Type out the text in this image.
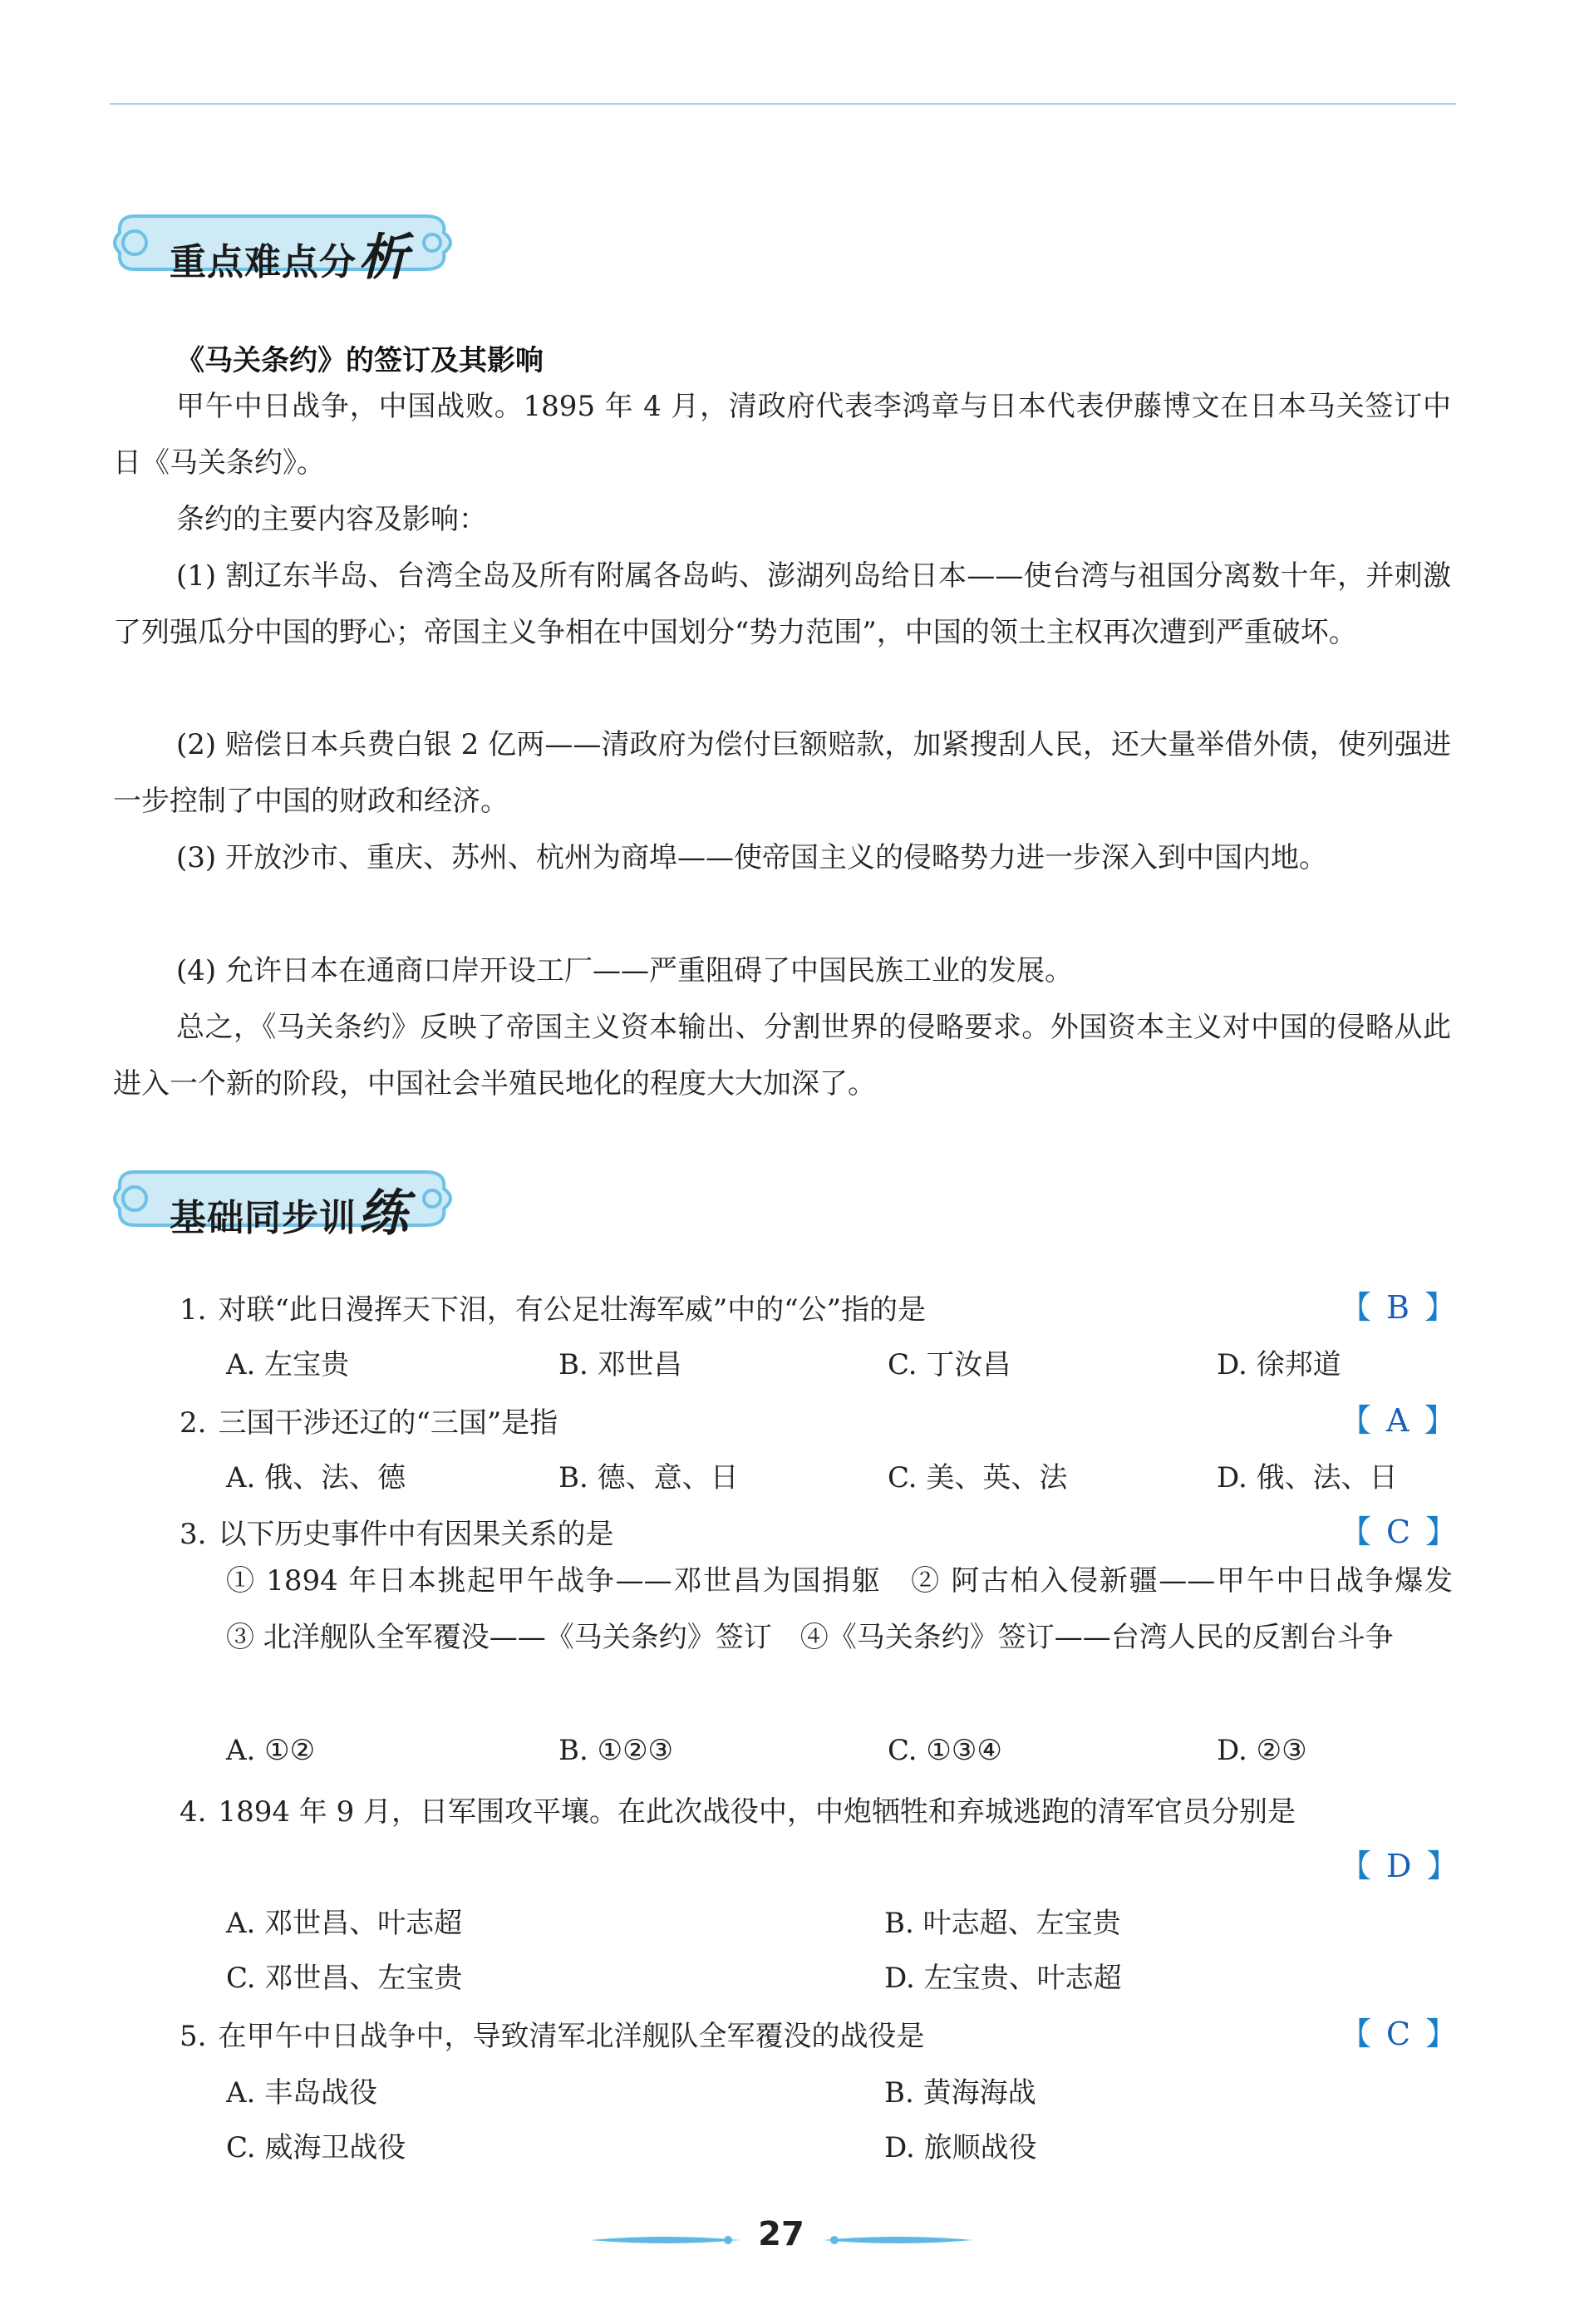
重点难点分析
《马关条约》的签订及其影响
甲午中日战争，中国战败。1895 年 4 月，清政府代表李鸿章与日本代表伊藤博文在日本马关签订中日《马关条约》。
条约的主要内容及影响：
(1) 割辽东半岛、台湾全岛及所有附属各岛屿、澎湖列岛给日本——使台湾与祖国分离数十年，并刺激了列强瓜分中国的野心；帝国主义争相在中国划分“势力范围”，中国的领土主权再次遭到严重破坏。
(2) 赔偿日本兵费白银 2 亿两——清政府为偿付巨额赔款，加紧搜刮人民，还大量举借外债，使列强进一步控制了中国的财政和经济。
(3) 开放沙市、重庆、苏州、杭州为商埠——使帝国主义的侵略势力进一步深入到中国内地。
(4) 允许日本在通商口岸开设工厂——严重阻碍了中国民族工业的发展。
总之，《马关条约》反映了帝国主义资本输出、分割世界的侵略要求。外国资本主义对中国的侵略从此进入一个新的阶段，中国社会半殖民地化的程度大大加深了。
基础同步训练
1. 对联“此日漫挥天下泪，有公足壮海军威”中的“公”指的是	【 B 】
A. 左宝贵	B. 邓世昌	C. 丁汝昌	D. 徐邦道
2. 三国干涉还辽的“三国”是指	【 A 】
A. 俄、法、德	B. 德、意、日	C. 美、英、法	D. 俄、法、日
3. 以下历史事件中有因果关系的是	【 C 】
① 1894 年日本挑起甲午战争——邓世昌为国捐躯　② 阿古柏入侵新疆——甲午中日战争爆发　③ 北洋舰队全军覆没——《马关条约》签订　④《马关条约》签订——台湾人民的反割台斗争
A. ①②	B. ①②③	C. ①③④	D. ②③
4. 1894 年 9 月，日军围攻平壤。在此次战役中，中炮牺牲和弃城逃跑的清军官员分别是
【 D 】
A. 邓世昌、叶志超	B. 叶志超、左宝贵
C. 邓世昌、左宝贵	D. 左宝贵、叶志超
5. 在甲午中日战争中，导致清军北洋舰队全军覆没的战役是	【 C 】
A. 丰岛战役	B. 黄海海战
C. 威海卫战役	D. 旅顺战役
27
